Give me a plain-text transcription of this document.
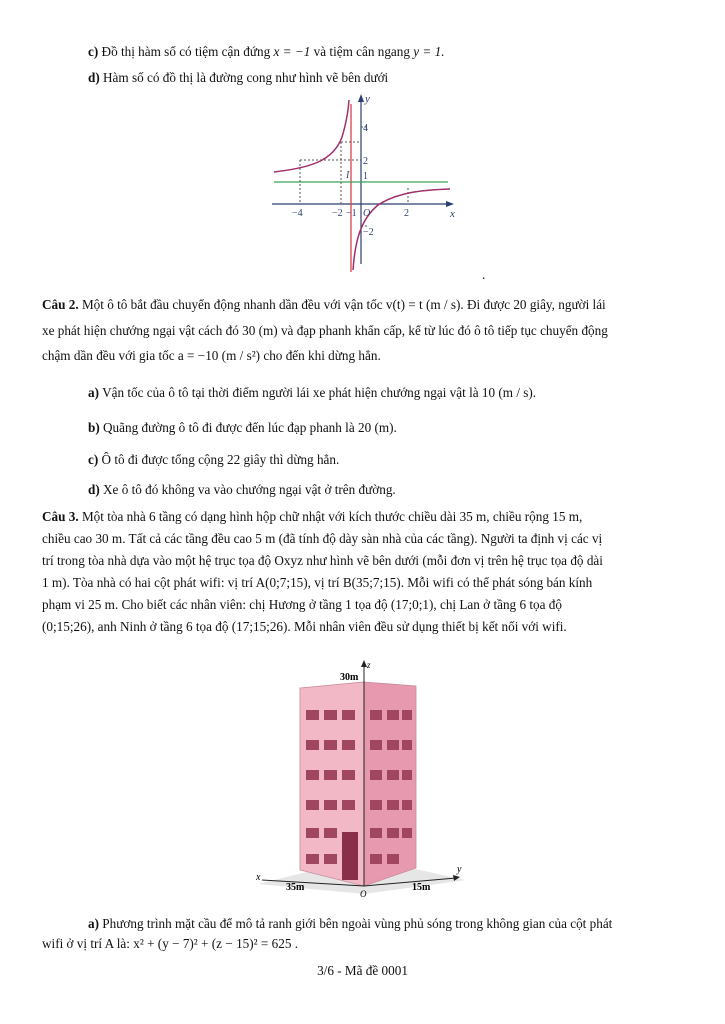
c) Đồ thị hàm số có tiệm cận đứng x = −1 và tiệm cân ngang y = 1.
d) Hàm số có đồ thị là đường cong như hình vẽ bên dưới
y
x
O
4
2
1
−2
−4	−2 −1	2
I
.
Câu 2. Một ô tô bắt đầu chuyển động nhanh dần đều với vận tốc v(t) = t (m / s). Đi được 20 giây, người lái
xe phát hiện chướng ngại vật cách đó 30 (m) và đạp phanh khẩn cấp, kể từ lúc đó ô tô tiếp tục chuyển động
chậm dần đều với gia tốc a = −10 (m / s²) cho đến khi dừng hẳn.
a) Vận tốc của ô tô tại thời điểm người lái xe phát hiện chướng ngại vật là 10 (m / s).
b) Quãng đường ô tô đi được đến lúc đạp phanh là 20 (m).
c) Ô tô đi được tổng cộng 22 giây thì dừng hẳn.
d) Xe ô tô đó không va vào chướng ngại vật ở trên đường.
Câu 3. Một tòa nhà 6 tầng có dạng hình hộp chữ nhật với kích thước chiều dài 35 m, chiều rộng 15 m,
chiều cao 30 m. Tất cả các tầng đều cao 5 m (đã tính độ dày sàn nhà của các tầng). Người ta định vị các vị
trí trong tòa nhà dựa vào một hệ trục tọa độ Oxyz như hình vẽ bên dưới (mỗi đơn vị trên hệ trục tọa độ dài
1 m). Tòa nhà có hai cột phát wifi: vị trí A(0;7;15), vị trí B(35;7;15). Mỗi wifi có thể phát sóng bán kính
phạm vi 25 m. Cho biết các nhân viên: chị Hương ở tầng 1 tọa độ (17;0;1), chị Lan ở tầng 6 tọa độ
(0;15;26), anh Ninh ở tầng 6 tọa độ (17;15;26). Mỗi nhân viên đều sử dụng thiết bị kết nối với wifi.
z
30m
x
35m
O
15m
y
a) Phương trình mặt cầu để mô tả ranh giới bên ngoài vùng phủ sóng trong không gian của cột phát
wifi ở vị trí A là: x² + (y − 7)² + (z − 15)² = 625 .
3/6 - Mã đề 0001
